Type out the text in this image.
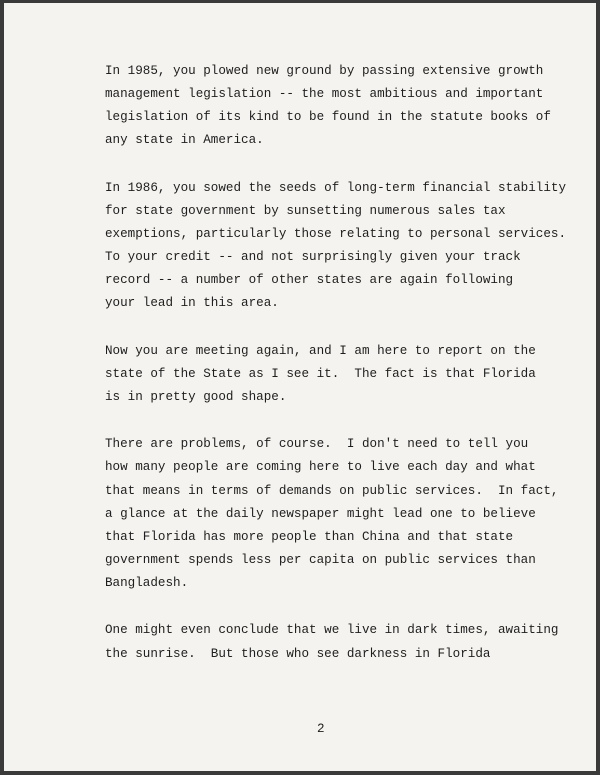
In 1985, you plowed new ground by passing extensive growth
management legislation -- the most ambitious and important
legislation of its kind to be found in the statute books of
any state in America.
In 1986, you sowed the seeds of long-term financial stability
for state government by sunsetting numerous sales tax
exemptions, particularly those relating to personal services.
To your credit -- and not surprisingly given your track
record -- a number of other states are again following
your lead in this area.
Now you are meeting again, and I am here to report on the
state of the State as I see it.  The fact is that Florida
is in pretty good shape.
There are problems, of course.  I don't need to tell you
how many people are coming here to live each day and what
that means in terms of demands on public services.  In fact,
a glance at the daily newspaper might lead one to believe
that Florida has more people than China and that state
government spends less per capita on public services than
Bangladesh.
One might even conclude that we live in dark times, awaiting
the sunrise.  But those who see darkness in Florida
2
